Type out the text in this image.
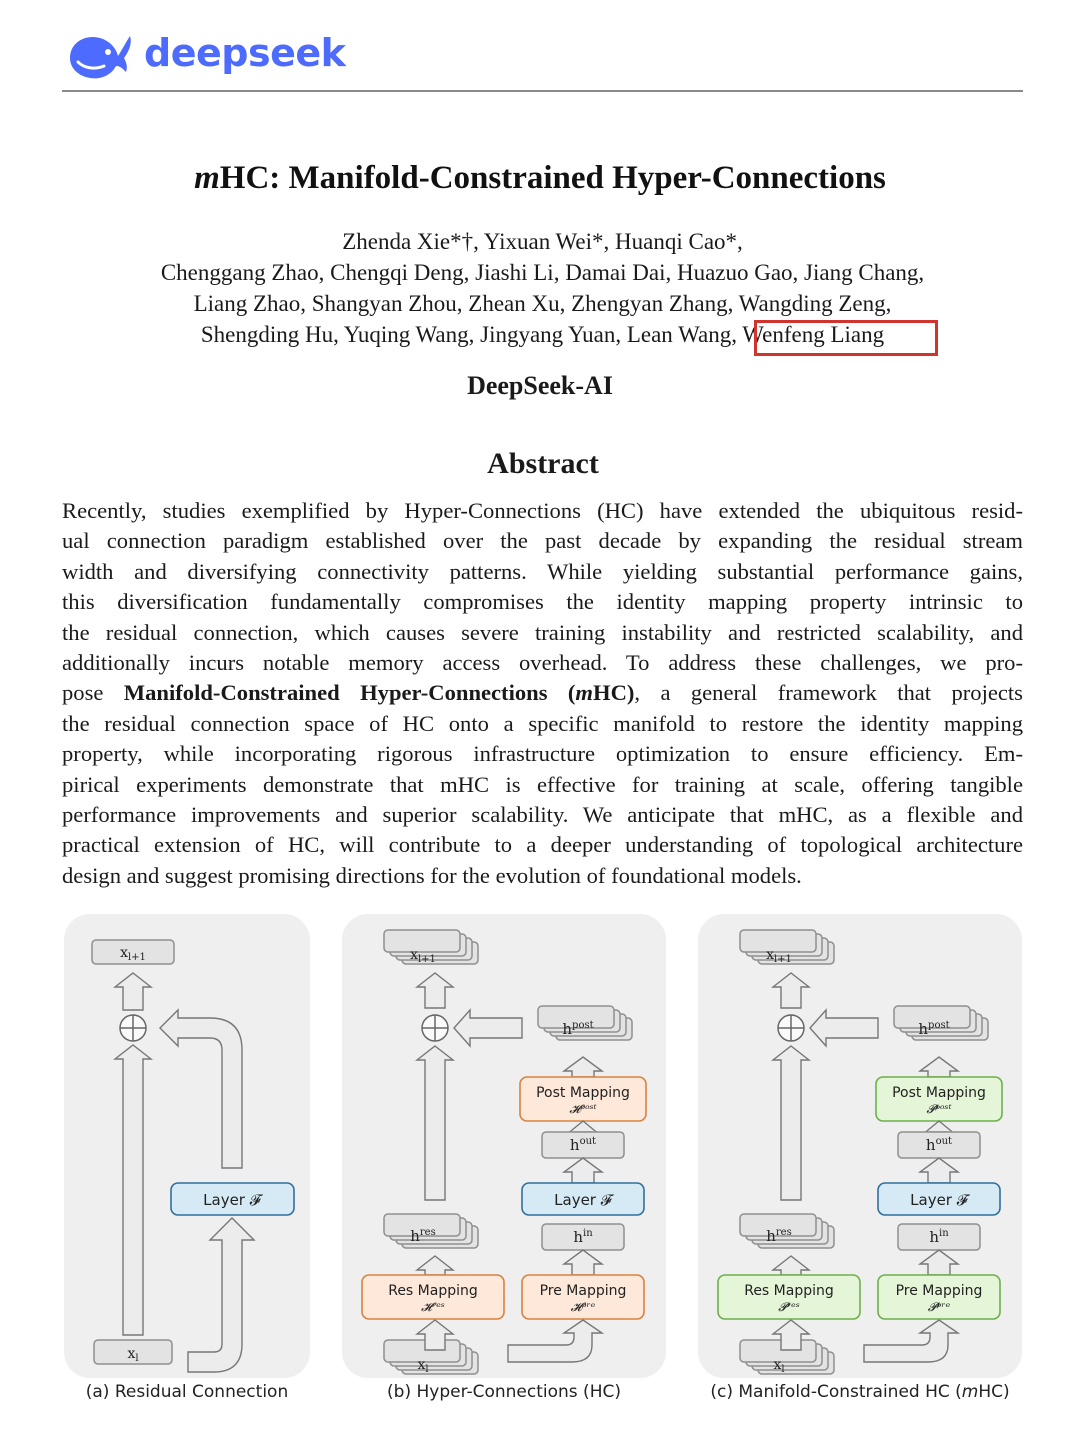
deepseek
mHC: Manifold-Constrained Hyper-Connections
Zhenda Xie*†, Yixuan Wei*, Huanqi Cao*,
Chenggang Zhao, Chengqi Deng, Jiashi Li, Damai Dai, Huazuo Gao, Jiang Chang,
Liang Zhao, Shangyan Zhou, Zhean Xu, Zhengyan Zhang, Wangding Zeng,
Shengding Hu, Yuqing Wang, Jingyang Yuan, Lean Wang, Wenfeng Liang
DeepSeek-AI
Abstract
Recently, studies exemplified by Hyper-Connections (HC) have extended the ubiquitous resid-
ual connection paradigm established over the past decade by expanding the residual stream
width and diversifying connectivity patterns. While yielding substantial performance gains,
this diversification fundamentally compromises the identity mapping property intrinsic to
the residual connection, which causes severe training instability and restricted scalability, and
additionally incurs notable memory access overhead. To address these challenges, we pro-
pose Manifold-Constrained Hyper-Connections (mHC), a general framework that projects
the residual connection space of HC onto a specific manifold to restore the identity mapping
property, while incorporating rigorous infrastructure optimization to ensure efficiency. Em-
pirical experiments demonstrate that mHC is effective for training at scale, offering tangible
performance improvements and superior scalability. We anticipate that mHC, as a flexible and
practical extension of HC, will contribute to a deeper understanding of topological architecture
design and suggest promising directions for the evolution of foundational models.
$x_{l+1}$
$x_l$
Layer 𝓕
$x_{l+1}$
$h^{res}$
Res Mapping
𝓗ʳᵉˢ
$x_l$
$h^{post}$
Post Mapping
𝓗ᵖᵒˢᵗ
$h^{out}$
Layer 𝓕
$h^{in}$
Pre Mapping
𝓗ᵖʳᵉ
$x_{l+1}$
$h^{res}$
Res Mapping
𝓟ʳᵉˢ
$x_l$
$h^{post}$
Post Mapping
𝓟ᵖᵒˢᵗ
$h^{out}$
Layer 𝓕
$h^{in}$
Pre Mapping
𝓟ᵖʳᵉ
(a) Residual Connection	(b) Hyper-Connections (HC)	(c) Manifold-Constrained HC (mHC)
